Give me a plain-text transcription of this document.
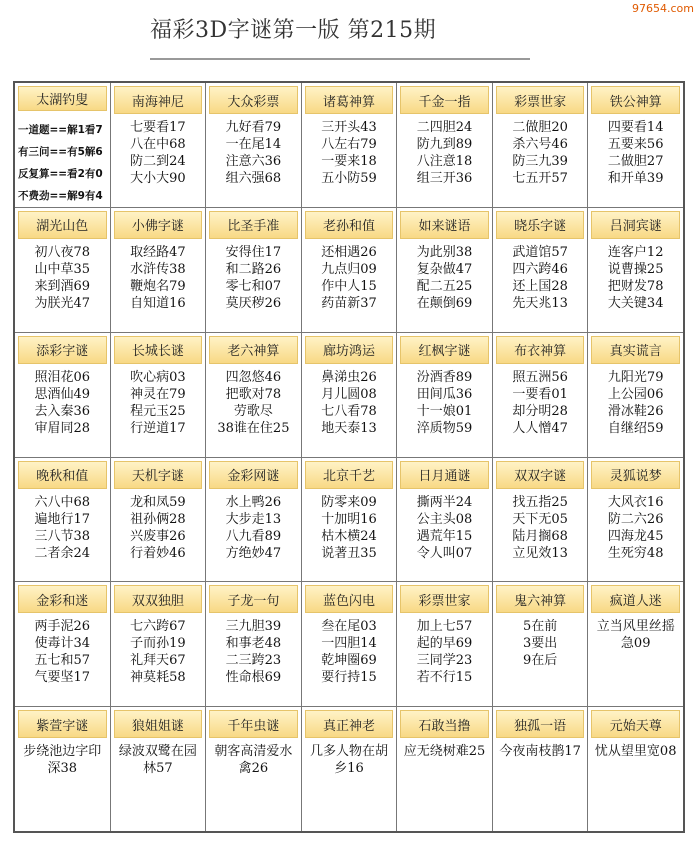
97654.com
福彩3D字谜第一版 第215期
太湖钓叟
一道题==解1看7
有三问==有5解6
反复算==看2有0
不费劲==解9有4
南海神尼
七要看17
八在中68
防二到24
大小大90
大众彩票
九好看79
一在尾14
注意六36
组六强68
诸葛神算
三开头43
八左右79
一要来18
五小防59
千金一指
二四胆24
防九到89
八注意18
组三开36
彩票世家
二做胆20
杀六号46
防三九39
七五开57
铁公神算
四要看14
五要来56
二做胆27
和开单39
湖光山色
初八夜78
山中草35
来到酒69
为朕光47
小佛字谜
取经路47
水浒传38
鞭炮名79
自知道16
比圣手准
安得住17
和二路26
零七和07
莫厌秽26
老孙和值
还相遇26
九点归09
作中人15
药苗新37
如来谜语
为此别38
复杂做47
配二五25
在颠倒69
晓乐字谜
武道馆57
四六跨46
还上国28
先天兆13
吕洞宾谜
连客户12
说曹操25
把财发78
大关键34
添彩字谜
照泪花06
思酒仙49
去入秦36
审眉同28
长城长谜
吹心病03
神灵在79
程元玉25
行逆道17
老六神算
四忽悠46
把歌对78
劳歌尽
38谁在住25
廊坊鸿运
鼻涕虫26
月儿圆08
七八看78
地天泰13
红枫字谜
汾酒香89
田间瓜36
十一娘01
淬质物59
布衣神算
照五洲56
一要看01
却分明28
人人憎47
真实谎言
九阳光79
上公园06
滑冰鞋26
自继绍59
晚秋和值
六八中68
遍地行17
三八节38
二者余24
天机字谜
龙和凤59
祖孙俩28
兴废事26
行着妙46
金彩网谜
水上鸭26
大步走13
八九看89
方绝妙47
北京千艺
防零来09
十加明16
枯木横24
说著丑35
日月通谜
撕两半24
公主头08
遇荒年15
令人叫07
双双字谜
找五指25
天下无05
陆月搁68
立见效13
灵狐说梦
大风衣16
防二六26
四海龙45
生死穷48
金彩和迷
两手泥26
使毒计34
五七和57
气要坚17
双双独胆
七六跨67
子而孙19
礼拜天67
神莫耗58
子龙一句
三九胆39
和事老48
二三跨23
性命根69
蓝色闪电
叁在尾03
一四胆14
乾坤圈69
要行持15
彩票世家
加上七57
起的早69
三同学23
若不行15
鬼六神算
5在前
3要出
9在后
疯道人迷
立当风里丝摇急09
紫萱字谜
步绕池边字印深38
狼姐姐谜
绿波双鹭在园林57
千年虫谜
朝客高清爱水禽26
真正神老
几多人物在胡乡16
石敢当撸
应无绕树难25
独孤一语
今夜南枝鹊17
元始天尊
忧从望里宽08
